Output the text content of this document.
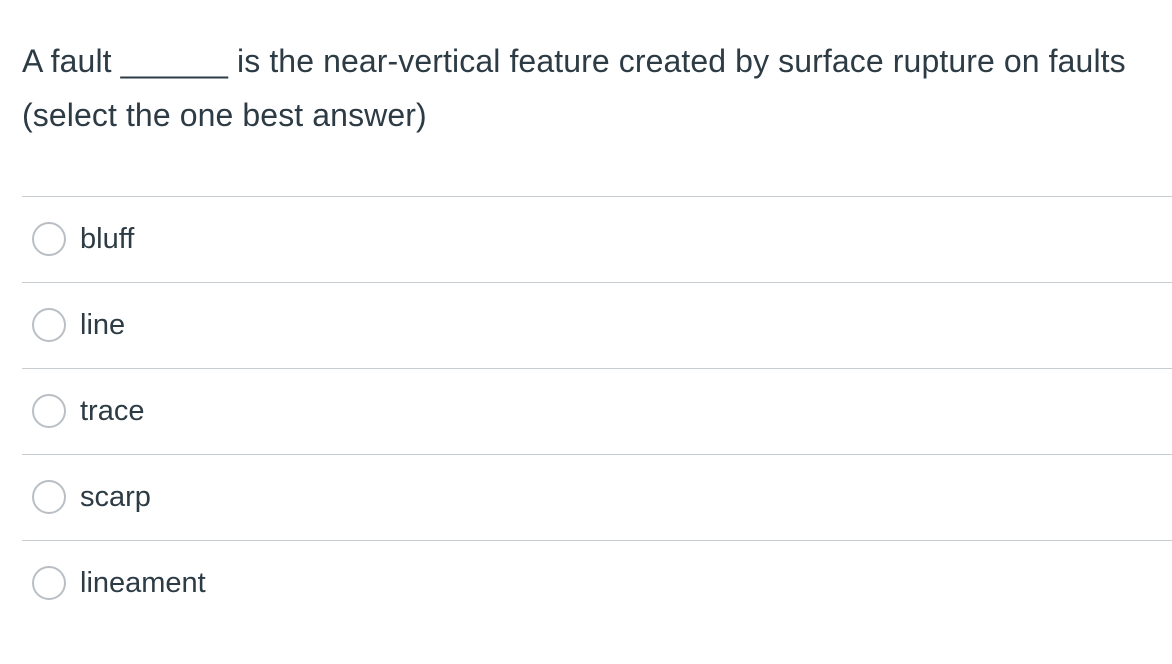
A fault ______ is the near-vertical feature created by surface rupture on faults (select the one best answer)
bluff
line
trace
scarp
lineament
